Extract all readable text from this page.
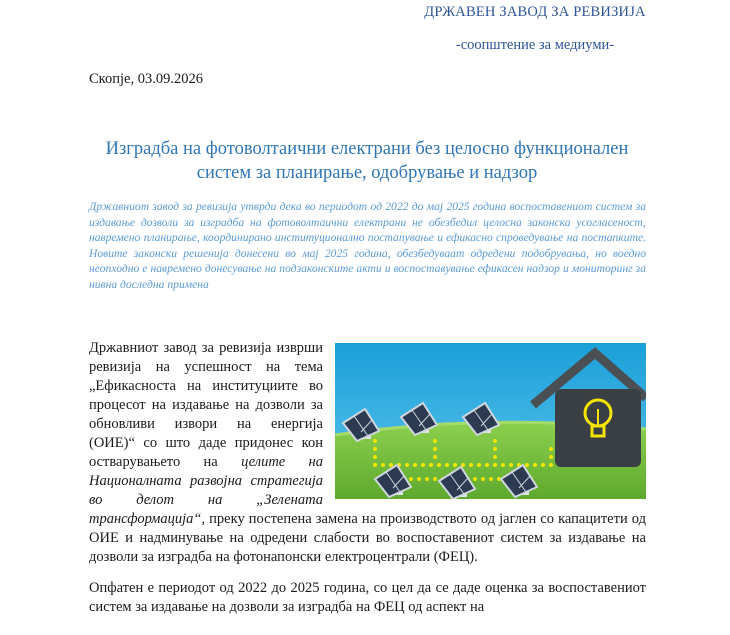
ДРЖАВЕН ЗАВОД ЗА РЕВИЗИЈА
-соопштение за медиуми-
Скопје, 03.09.2026
Изградба на фотоволтаични електрани без целосно функционален систем за планирање, одобрување и надзор
Државниот завод за ревизија утврди дека во периодот од 2022 до мај 2025 година воспоставениот систем за издавање дозволи за изградба на фотоволтаични електрани не обезбедил целосна законска усогласеност, навремено планирање, координирано институционално постапување и ефикасно спроведување на постапките. Новите законски решенија донесени во мај 2025 година, обезбедуваат одредени подобрувања, но воедно неопходно е навремено донесување на подзаконските акти и воспоставување ефикасен надзор и мониторинг за нивна доследна примена
Државниот завод за ревизија изврши ревизија на успешност на тема „Ефикасноста на институциите во процесот на издавање на дозволи за обновливи извори на енергија (ОИЕ)“ со што даде придонес кон остварувањето на целите на Националната развојна стратегија во делот на „Зелената трансформација“, преку постепена замена на производството од јаглен со капацитети од ОИЕ и надминување на одредени слабости во воспоставениот систем за издавање на дозволи за изградба на фотонапонски електроцентрали (ФЕЦ).
Опфатен е периодот од 2022 до 2025 година, со цел да се даде оценка за воспоставениот систем за издавање на дозволи за изградба на ФЕЦ од аспект на
